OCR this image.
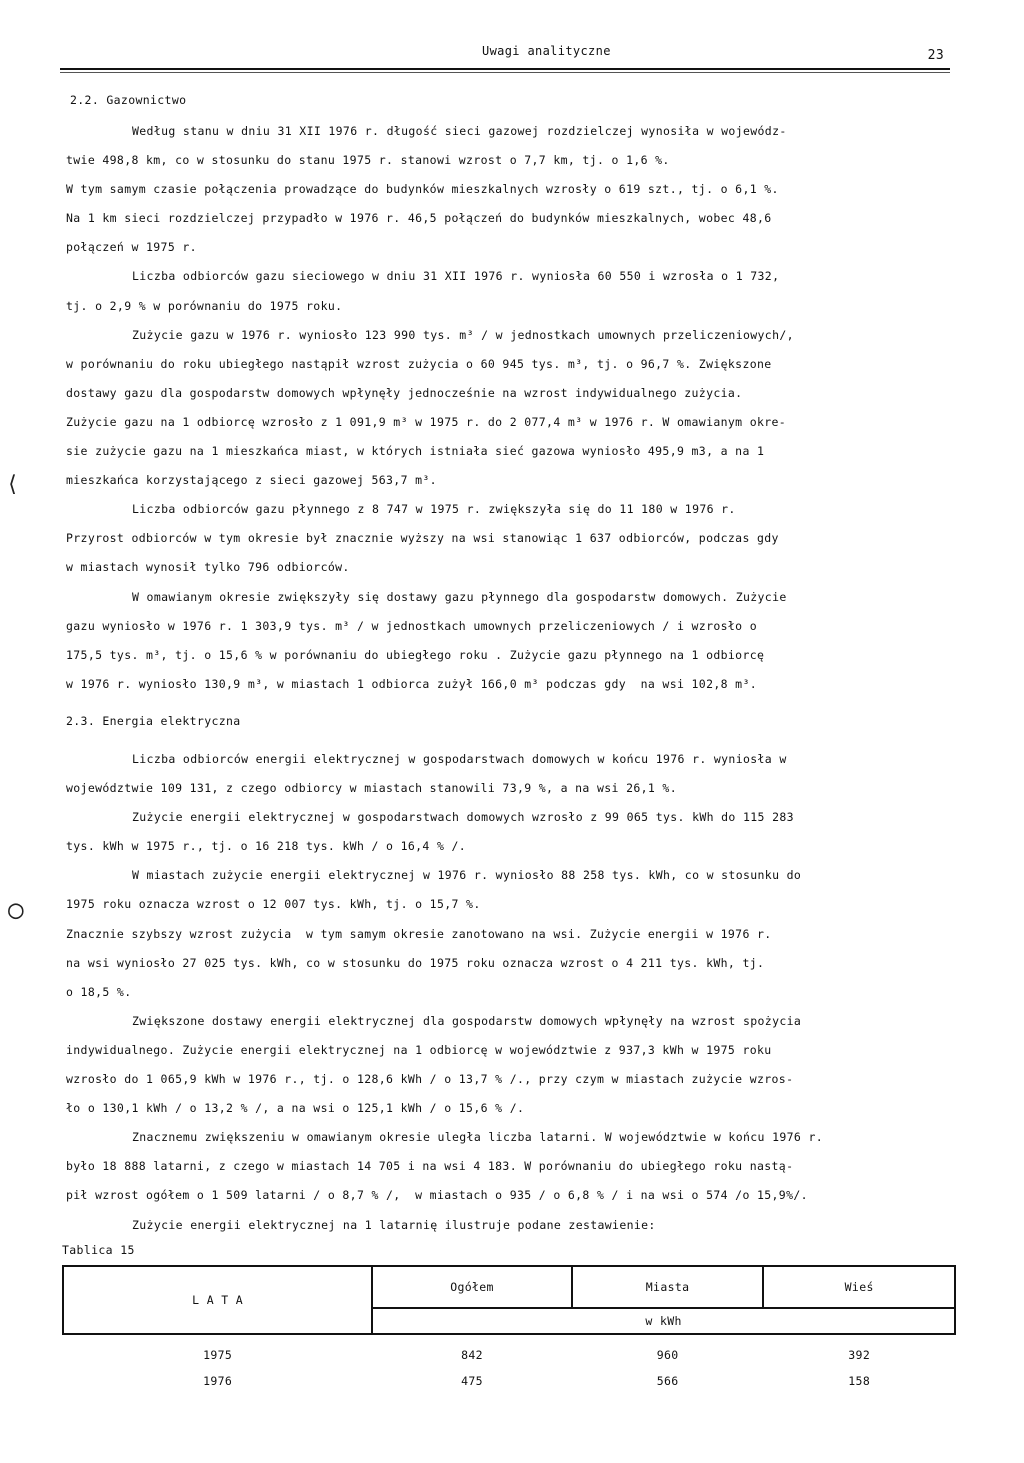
Uwagi analityczne	23
2.2. Gazownictwo
Według stanu w dniu 31 XII 1976 r. długość sieci gazowej rozdzielczej wynosiła w wojewódz-
twie 498,8 km, co w stosunku do stanu 1975 r. stanowi wzrost o 7,7 km, tj. o 1,6 %.
W tym samym czasie połączenia prowadzące do budynków mieszkalnych wzrosły o 619 szt., tj. o 6,1 %.
Na 1 km sieci rozdzielczej przypadło w 1976 r. 46,5 połączeń do budynków mieszkalnych, wobec 48,6
połączeń w 1975 r.
Liczba odbiorców gazu sieciowego w dniu 31 XII 1976 r. wyniosła 60 550 i wzrosła o 1 732,
tj. o 2,9 % w porównaniu do 1975 roku.
Zużycie gazu w 1976 r. wyniosło 123 990 tys. m³ / w jednostkach umownych przeliczeniowych/,
w porównaniu do roku ubiegłego nastąpił wzrost zużycia o 60 945 tys. m³, tj. o 96,7 %. Zwiększone
dostawy gazu dla gospodarstw domowych wpłynęły jednocześnie na wzrost indywidualnego zużycia.
Zużycie gazu na 1 odbiorcę wzrosło z 1 091,9 m³ w 1975 r. do 2 077,4 m³ w 1976 r. W omawianym okre-
sie zużycie gazu na 1 mieszkańca miast, w których istniała sieć gazowa wyniosło 495,9 m3, a na 1
mieszkańca korzystającego z sieci gazowej 563,7 m³.
Liczba odbiorców gazu płynnego z 8 747 w 1975 r. zwiększyła się do 11 180 w 1976 r.
Przyrost odbiorców w tym okresie był znacznie wyższy na wsi stanowiąc 1 637 odbiorców, podczas gdy
w miastach wynosił tylko 796 odbiorców.
W omawianym okresie zwiększyły się dostawy gazu płynnego dla gospodarstw domowych. Zużycie
gazu wyniosło w 1976 r. 1 303,9 tys. m³ / w jednostkach umownych przeliczeniowych / i wzrosło o
175,5 tys. m³, tj. o 15,6 % w porównaniu do ubiegłego roku . Zużycie gazu płynnego na 1 odbiorcę
w 1976 r. wyniosło 130,9 m³, w miastach 1 odbiorca zużył 166,0 m³ podczas gdy  na wsi 102,8 m³.
2.3. Energia elektryczna
Liczba odbiorców energii elektrycznej w gospodarstwach domowych w końcu 1976 r. wyniosła w
województwie 109 131, z czego odbiorcy w miastach stanowili 73,9 %, a na wsi 26,1 %.
Zużycie energii elektrycznej w gospodarstwach domowych wzrosło z 99 065 tys. kWh do 115 283
tys. kWh w 1975 r., tj. o 16 218 tys. kWh / o 16,4 % /.
W miastach zużycie energii elektrycznej w 1976 r. wyniosło 88 258 tys. kWh, co w stosunku do
1975 roku oznacza wzrost o 12 007 tys. kWh, tj. o 15,7 %.
Znacznie szybszy wzrost zużycia  w tym samym okresie zanotowano na wsi. Zużycie energii w 1976 r.
na wsi wyniosło 27 025 tys. kWh, co w stosunku do 1975 roku oznacza wzrost o 4 211 tys. kWh, tj.
o 18,5 %.
Zwiększone dostawy energii elektrycznej dla gospodarstw domowych wpłynęły na wzrost spożycia
indywidualnego. Zużycie energii elektrycznej na 1 odbiorcę w województwie z 937,3 kWh w 1975 roku
wzrosło do 1 065,9 kWh w 1976 r., tj. o 128,6 kWh / o 13,7 % /., przy czym w miastach zużycie wzros-
ło o 130,1 kWh / o 13,2 % /, a na wsi o 125,1 kWh / o 15,6 % /.
Znacznemu zwiększeniu w omawianym okresie uległa liczba latarni. W województwie w końcu 1976 r.
było 18 888 latarni, z czego w miastach 14 705 i na wsi 4 183. W porównaniu do ubiegłego roku nastą-
pił wzrost ogółem o 1 509 latarni / o 8,7 % /,  w miastach o 935 / o 6,8 % / i na wsi o 574 /o 15,9%/.
Zużycie energii elektrycznej na 1 latarnię ilustruje podane zestawienie:
Tablica 15
L A T A	Ogółem	Miasta	Wieś
	w kWh		
1975	842	960	392
1976	475	566	158
⟨
○
